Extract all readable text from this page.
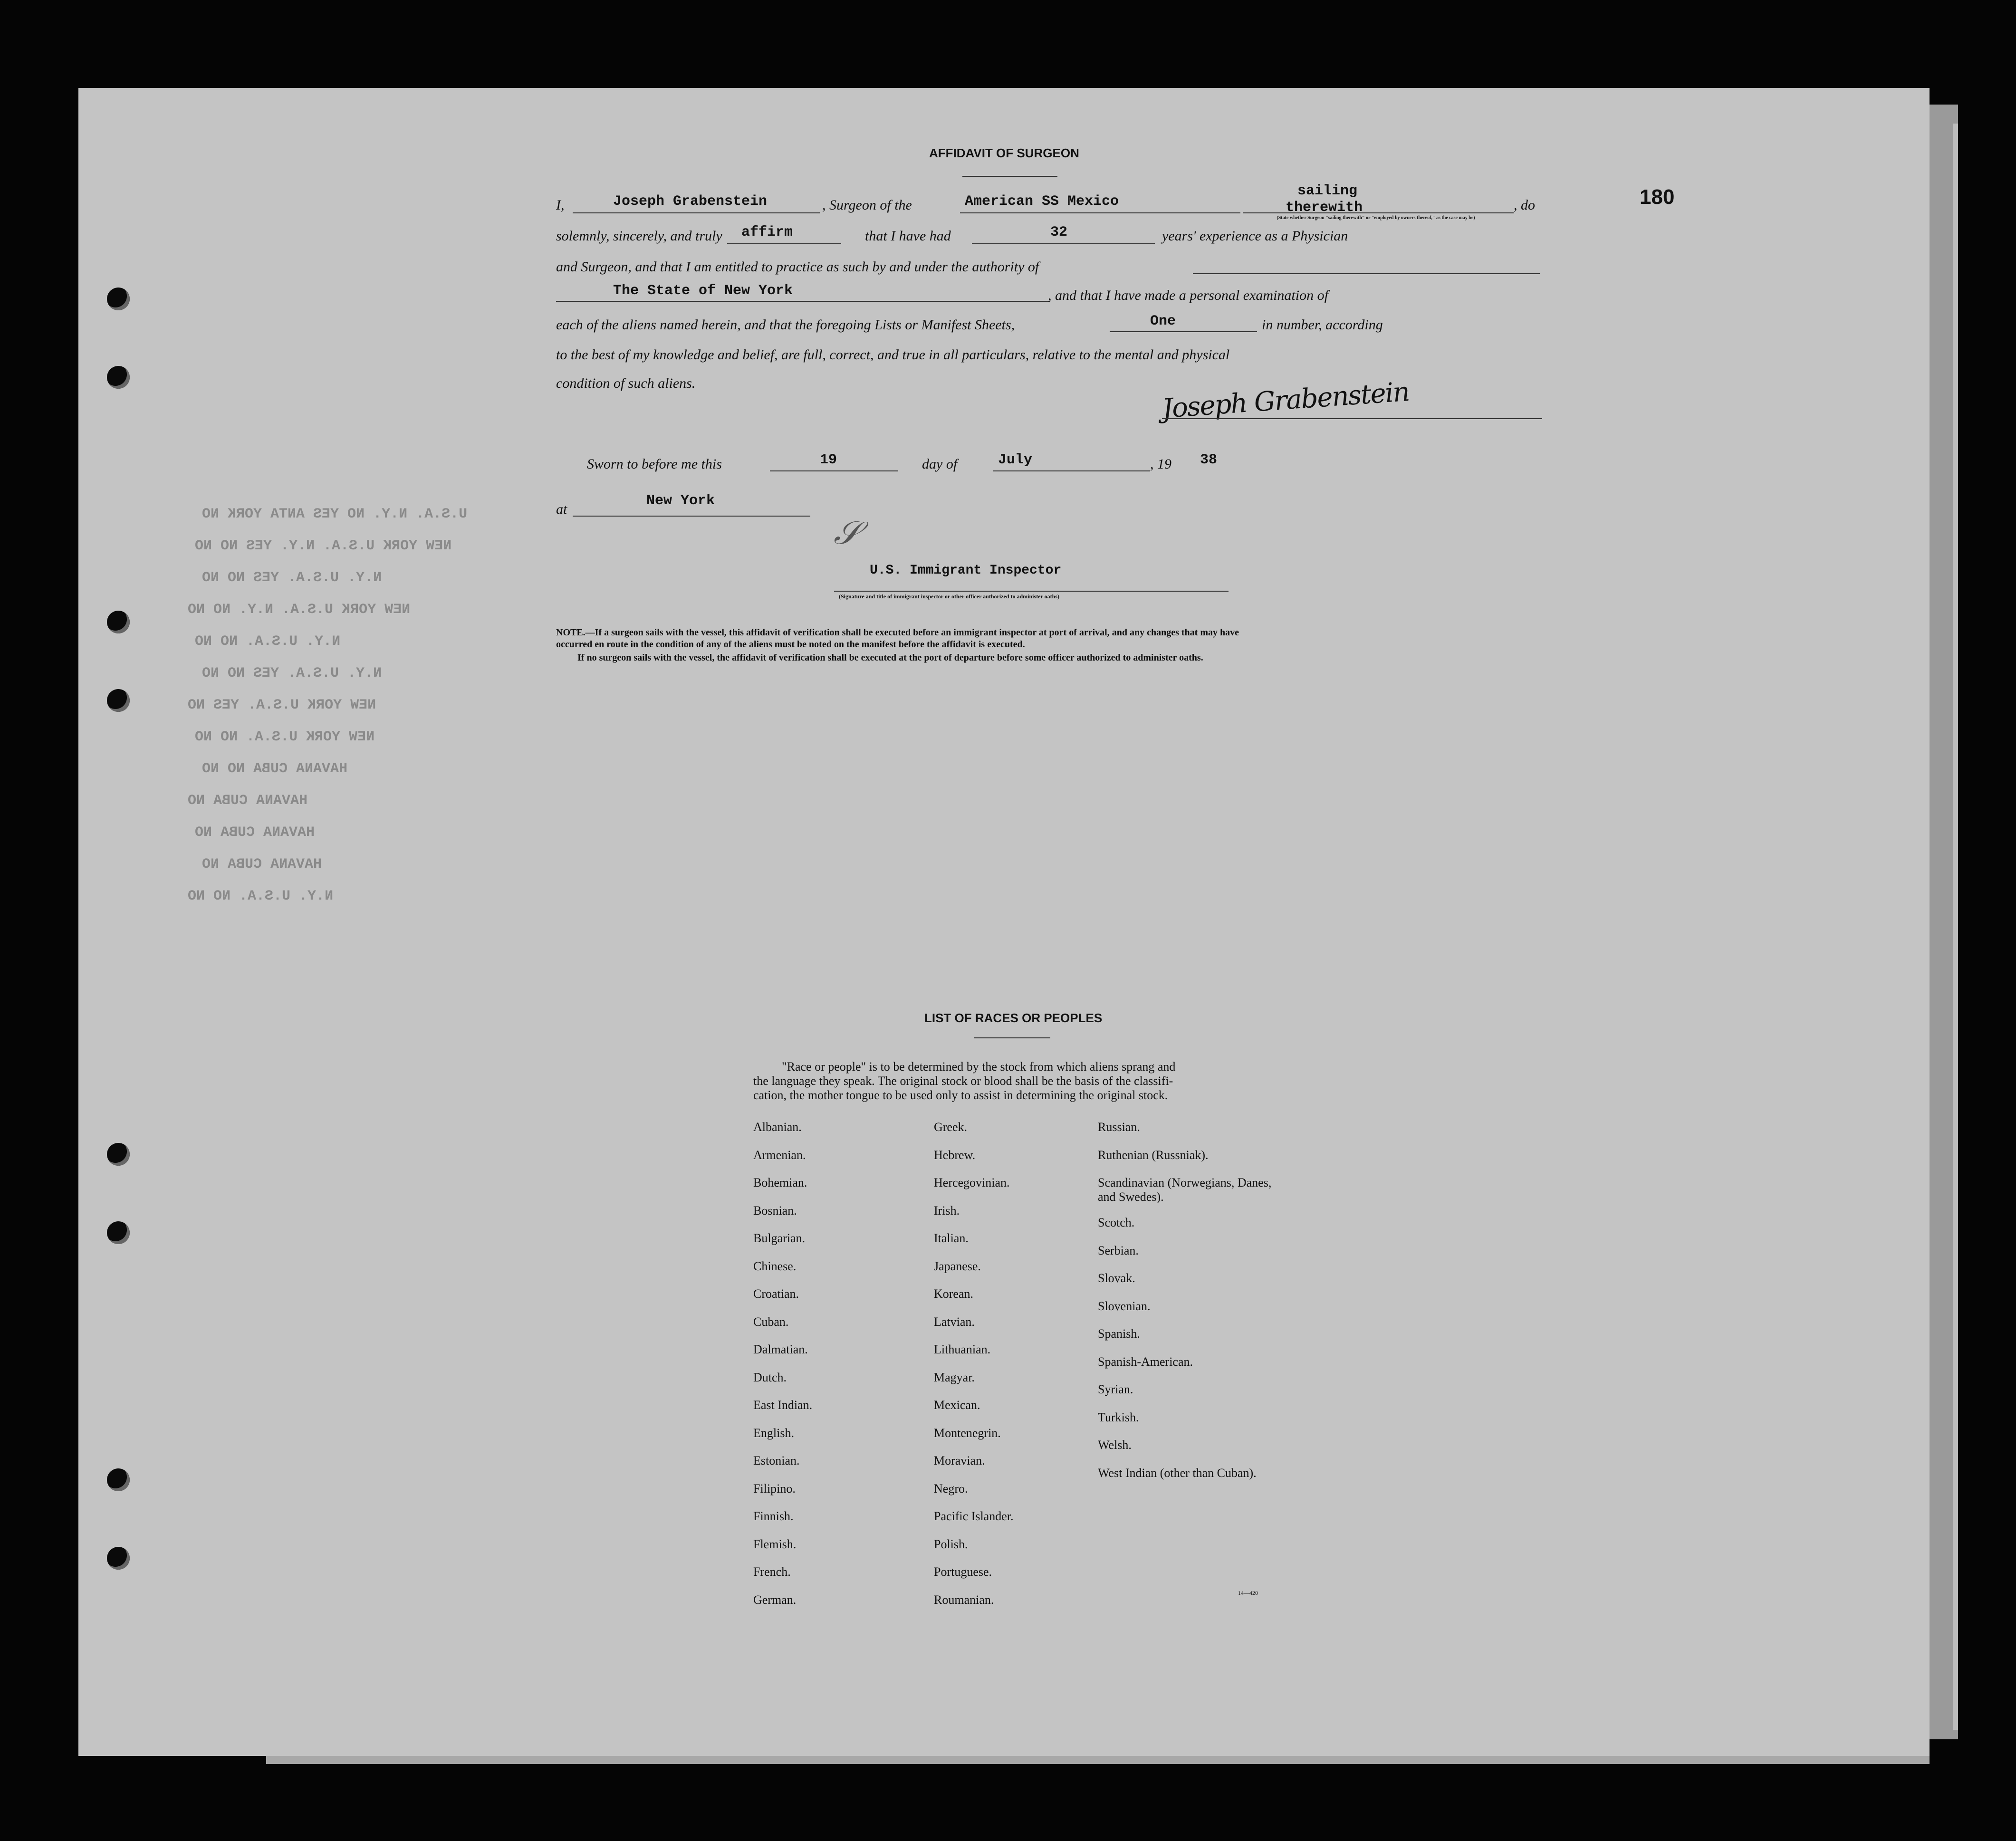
180
AFFIDAVIT OF SURGEON
I,	Joseph Grabenstein	, Surgeon of the	American SS Mexico
sailing
therewith
(State whether Surgeon "sailing therewith" or "employed by owners thereof," as the case may be)
, do
solemnly, sincerely, and truly affirm	that I have had	32	years' experience as a Physician
and Surgeon, and that I am entitled to practice as such by and under the authority of
The State of New York	, and that I have made a personal examination of
each of the aliens named herein, and that the foregoing Lists or Manifest Sheets,	One	in number, according
to the best of my knowledge and belief, are full, correct, and true in all particulars, relative to the mental and physical
condition of such aliens.	Joseph Grabenstein
Sworn to before me this	19	day of	July	, 19 38
at
New York
𝒮
U.S. Immigrant Inspector
(Signature and title of immigrant inspector or other officer authorized to administer oaths)
NOTE.—If a surgeon sails with the vessel, this affidavit of verification shall be executed before an immigrant inspector at port of arrival, and any changes that may have
occurred en route in the condition of any of the aliens must be noted on the manifest before the affidavit is executed.
If no surgeon sails with the vessel, the affidavit of verification shall be executed at the port of departure before some officer authorized to administer oaths.
U.S.A. N.Y. NO YES ANTA YORK NO
LIST OF RACES OR PEOPLES
"Race or people" is to be determined by the stock from which aliens sprang and
the language they speak. The original stock or blood shall be the basis of the classifi-
cation, the mother tongue to be used only to assist in determining the original stock.
14—420
Albanian.
Armenian.
Bohemian.
Bosnian.
Bulgarian.
Chinese.
Croatian.
Cuban.
Dalmatian.
Dutch.
East Indian.
English.
Estonian.
Filipino.
Finnish.
Flemish.
French.
German.
Greek.
Hebrew.
Hercegovinian.
Irish.
Italian.
Japanese.
Korean.
Latvian.
Lithuanian.
Magyar.
Mexican.
Montenegrin.
Moravian.
Negro.
Pacific Islander.
Polish.
Portuguese.
Roumanian.
Russian.
Ruthenian (Russniak).
Scandinavian (Norwegians, Danes, and Swedes).
Scotch.
Serbian.
Slovak.
Slovenian.
Spanish.
Spanish-American.
Syrian.
Turkish.
Welsh.
West Indian (other than Cuban).
NEW YORK U.S.A. N.Y. YES NO NO
N.Y. U.S.A. YES NO NO
NEW YORK U.S.A. N.Y. NO NO
N.Y. U.S.A. NO NO
N.Y. U.S.A. YES NO NO
NEW YORK U.S.A. YES NO
NEW YORK U.S.A. NO NO
HAVANA CUBA NO NO
HAVANA CUBA NO
HAVANA CUBA NO
HAVANA CUBA NO
N.Y. U.S.A. NO NO
